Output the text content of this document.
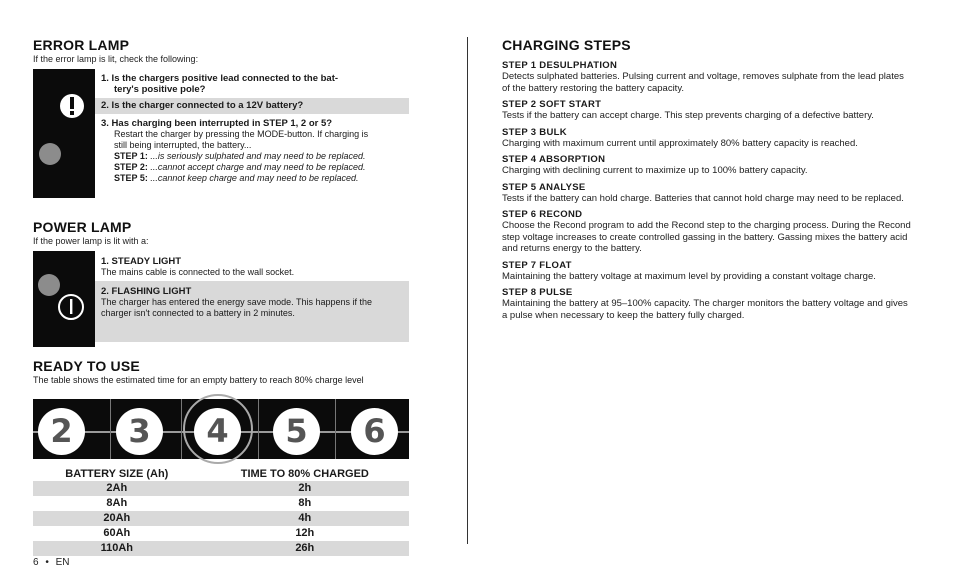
ERROR LAMP
If the error lamp is lit, check the following:
1. Is the chargers positive lead connected to the bat-
tery's positive pole?
2. Is the charger connected to a 12V battery?
3. Has charging been interrupted in STEP 1, 2 or 5?
Restart the charger by pressing the MODE-button. If charging is
still being interrupted, the battery...
STEP 1: ...is seriously sulphated and may need to be replaced.
STEP 2: ...cannot accept charge and may need to be replaced.
STEP 5: ...cannot keep charge and may need to be replaced.
POWER LAMP
If the power lamp is lit with a:
1. STEADY LIGHT
The mains cable is connected to the wall socket.
2. FLASHING LIGHT
The charger has entered the energy save mode. This happens if the
charger isn't connected to a battery in 2 minutes.
READY TO USE
The table shows the estimated time for an empty battery to reach 80% charge level
2	3	4	5	6
BATTERY SIZE (Ah)	TIME TO 80% CHARGED
2Ah	2h
8Ah	8h
20Ah	4h
60Ah	12h
110Ah	26h
CHARGING STEPS
STEP 1 DESULPHATION
Detects sulphated batteries. Pulsing current and voltage, removes sulphate from the lead plates of the battery restoring the battery capacity.
STEP 2 SOFT START
Tests if the battery can accept charge. This step prevents charging of a defective battery.
STEP 3 BULK
Charging with maximum current until approximately 80% battery capacity is reached.
STEP 4 ABSORPTION
Charging with declining current to maximize up to 100% battery capacity.
STEP 5 ANALYSE
Tests if the battery can hold charge. Batteries that cannot hold charge may need to be replaced.
STEP 6 RECOND
Choose the Recond program to add the Recond step to the charging process. During the Recond step voltage increases to create controlled gassing in the battery. Gassing mixes the battery acid and returns energy to the battery.
STEP 7 FLOAT
Maintaining the battery voltage at maximum level by providing a constant voltage charge.
STEP 8 PULSE
Maintaining the battery at 95–100% capacity. The charger monitors the battery voltage and gives a pulse when necessary to keep the battery fully charged.
6 • EN
